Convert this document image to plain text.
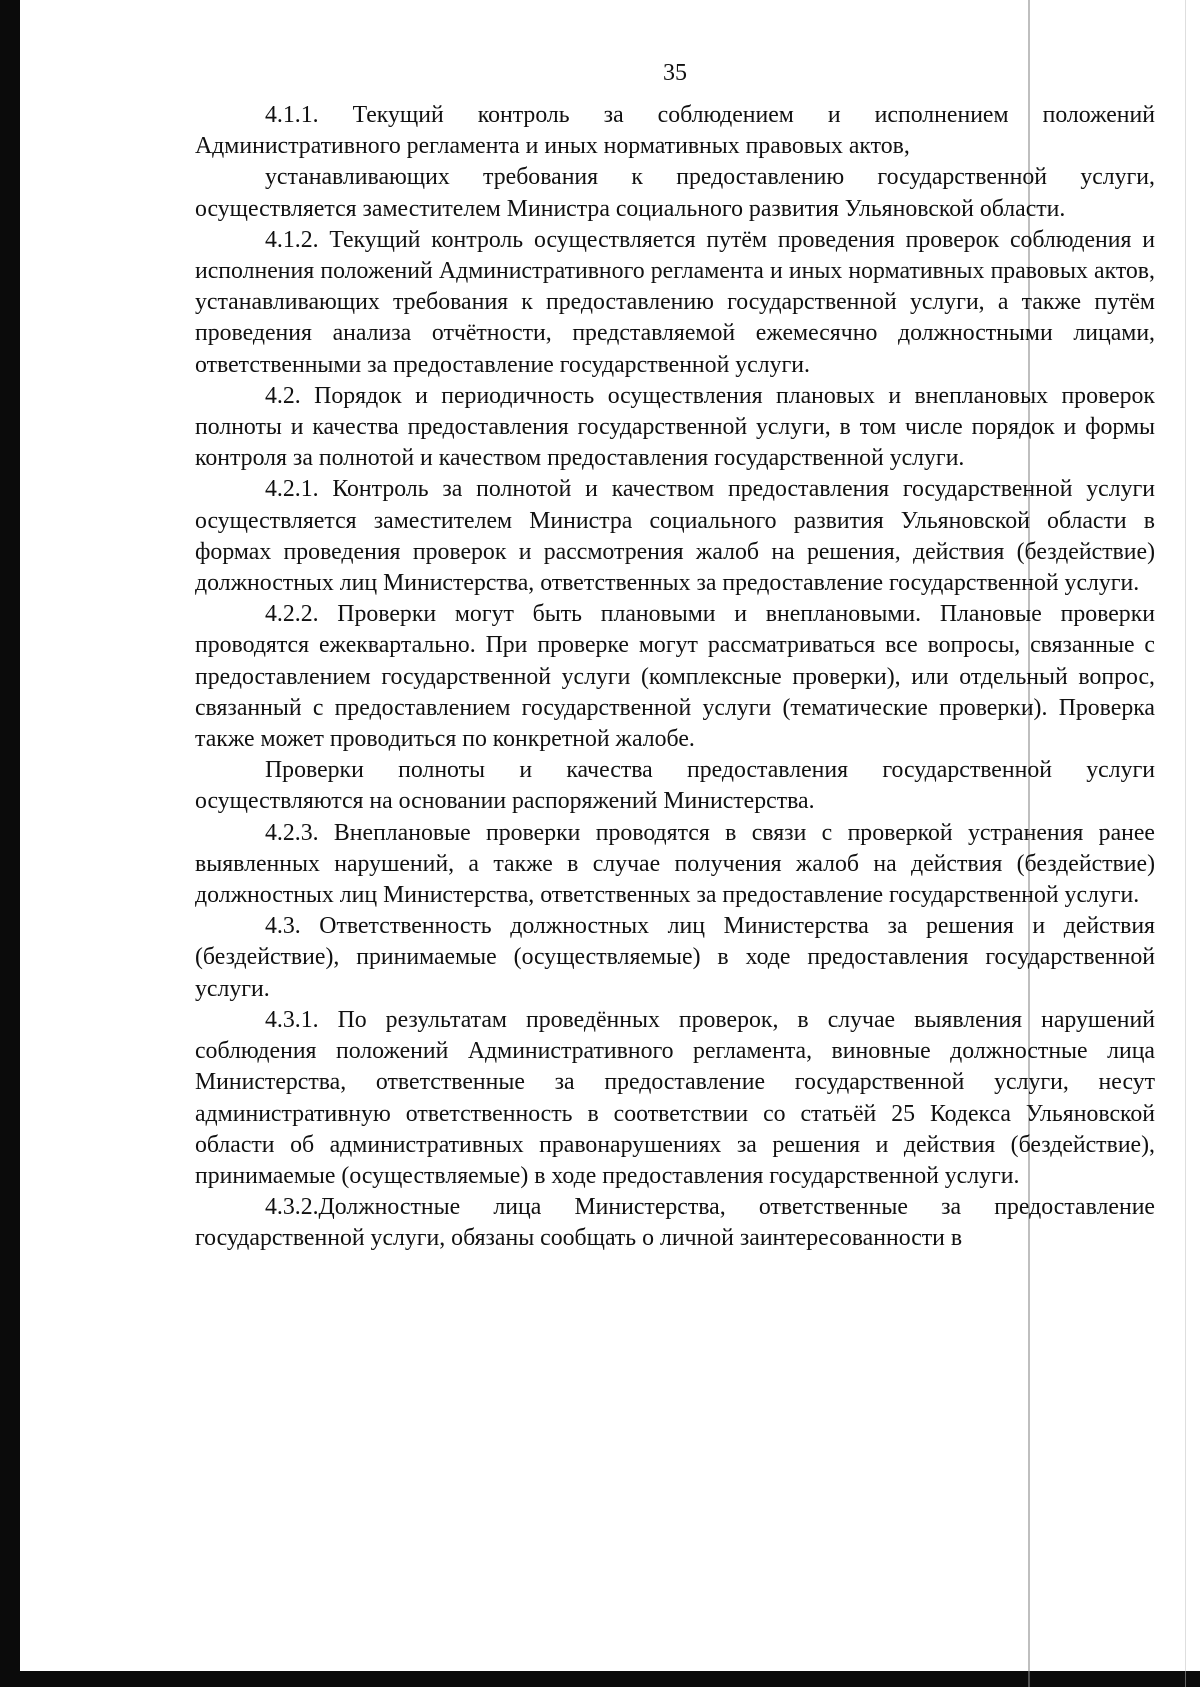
35

4.1.1. Текущий контроль за соблюдением и исполнением положений Административного регламента и иных нормативных правовых актов,

устанавливающих требования к предоставлению государственной услуги, осуществляется заместителем Министра социального развития Ульяновской области.

4.1.2. Текущий контроль осуществляется путём проведения проверок соблюдения и исполнения положений Административного регламента и иных нормативных правовых актов, устанавливающих требования к предоставлению государственной услуги, а также путём проведения анализа отчётности, представляемой ежемесячно должностными лицами, ответственными за предоставление государственной услуги.

4.2. Порядок и периодичность осуществления плановых и внеплановых проверок полноты и качества предоставления государственной услуги, в том числе порядок и формы контроля за полнотой и качеством предоставления государственной услуги.

4.2.1. Контроль за полнотой и качеством предоставления государственной услуги осуществляется заместителем Министра социального развития Ульяновской области в формах проведения проверок и рассмотрения жалоб на решения, действия (бездействие) должностных лиц Министерства, ответственных за предоставление государственной услуги.

4.2.2. Проверки могут быть плановыми и внеплановыми. Плановые проверки проводятся ежеквартально. При проверке могут рассматриваться все вопросы, связанные с предоставлением государственной услуги (комплексные проверки), или отдельный вопрос, связанный с предоставлением государственной услуги (тематические проверки). Проверка также может проводиться по конкретной жалобе.

Проверки полноты и качества предоставления государственной услуги осуществляются на основании распоряжений Министерства.

4.2.3. Внеплановые проверки проводятся в связи с проверкой устранения ранее выявленных нарушений, а также в случае получения жалоб на действия (бездействие) должностных лиц Министерства, ответственных за предоставление государственной услуги.

4.3. Ответственность должностных лиц Министерства за решения и действия (бездействие), принимаемые (осуществляемые) в ходе предоставления государственной услуги.

4.3.1. По результатам проведённых проверок, в случае выявления нарушений соблюдения положений Административного регламента, виновные должностные лица Министерства, ответственные за предоставление государственной услуги, несут административную ответственность в соответствии со статьёй 25 Кодекса Ульяновской области об административных правонарушениях за решения и действия (бездействие), принимаемые (осуществляемые) в ходе предоставления государственной услуги.

4.3.2.Должностные лица Министерства, ответственные за предоставление государственной услуги, обязаны сообщать о личной заинтересованности в
